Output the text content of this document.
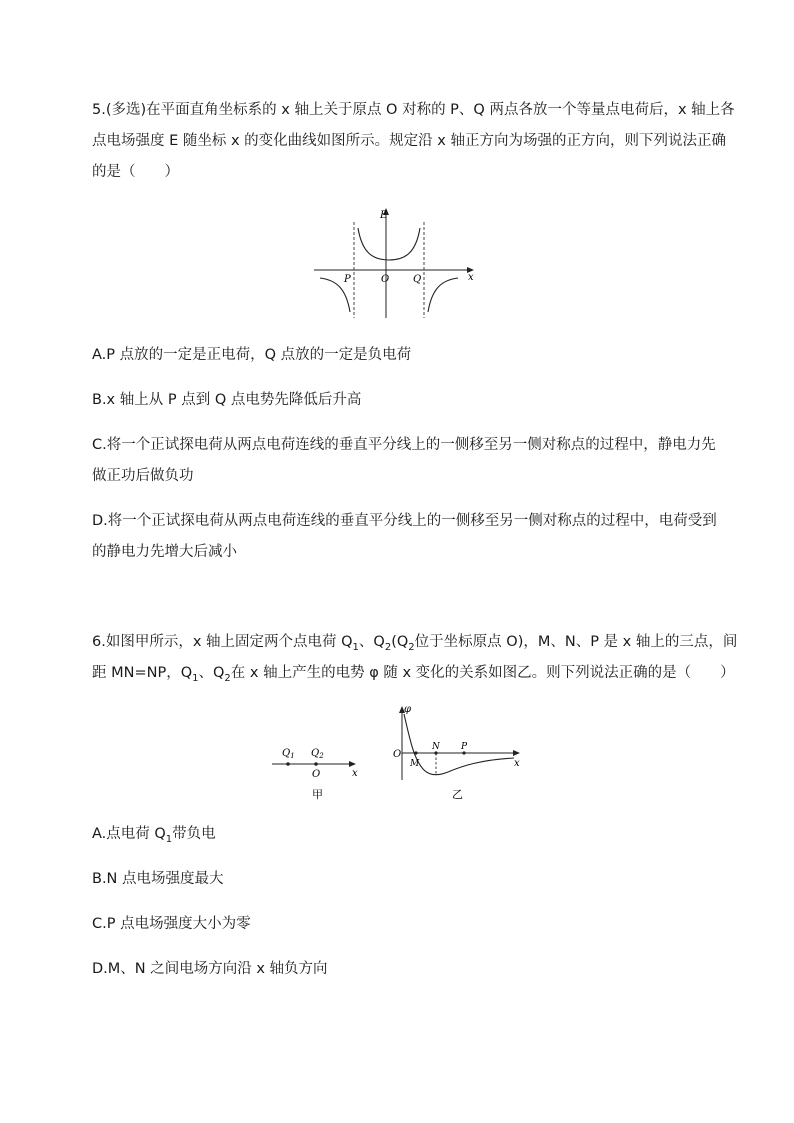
5.(多选)在平面直角坐标系的 x 轴上关于原点 O 对称的 P、Q 两点各放一个等量点电荷后，x 轴上各
点电场强度 E 随坐标 x 的变化曲线如图所示。规定沿 x 轴正方向为场强的正方向，则下列说法正确
的是（　　）
E
x
P	O Q
A.P 点放的一定是正电荷，Q 点放的一定是负电荷
B.x 轴上从 P 点到 Q 点电势先降低后升高
C.将一个正试探电荷从两点电荷连线的垂直平分线上的一侧移至另一侧对称点的过程中，静电力先
做正功后做负功
D.将一个正试探电荷从两点电荷连线的垂直平分线上的一侧移至另一侧对称点的过程中，电荷受到
的静电力先增大后减小
6.如图甲所示，x 轴上固定两个点电荷 $Q_1$、$Q_2(Q_2$位于坐标原点 O)，M、N、P 是 x 轴上的三点，间
距 MN=NP，$Q_1$、$Q_2$在 x 轴上产生的电势 φ 随 x 变化的关系如图乙。则下列说法正确的是（　　）
$Q_1$ $Q_2$
O	x
甲
φ
O
M
N P
x
乙
A.点电荷 $Q_1$带负电
B.N 点电场强度最大
C.P 点电场强度大小为零
D.M、N 之间电场方向沿 x 轴负方向
